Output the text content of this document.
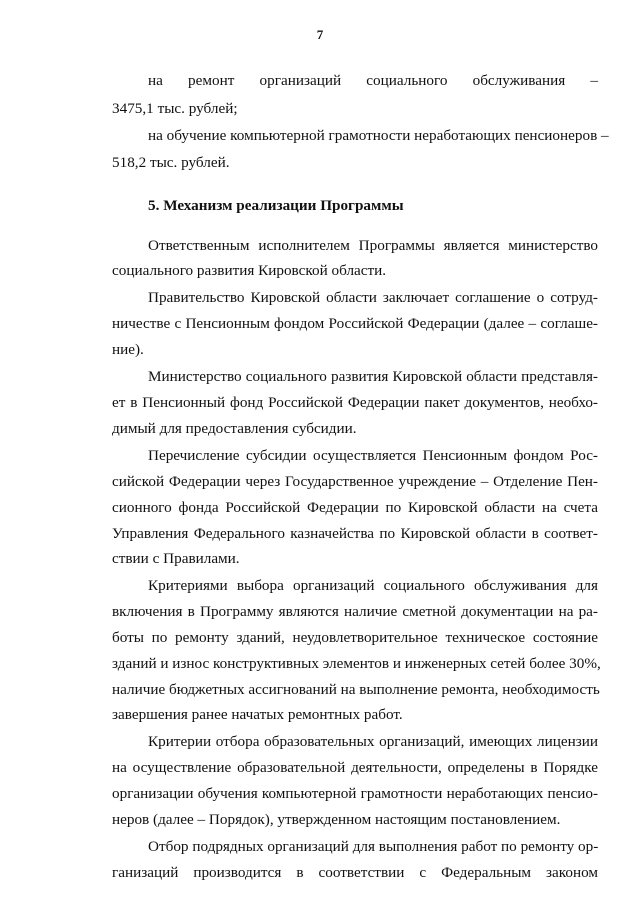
7
на ремонт организаций социального обслуживания –
3475,1 тыс. рублей;
на обучение компьютерной грамотности неработающих пенсионеров –
518,2 тыс. рублей.
5. Механизм реализации Программы
Ответственным исполнителем Программы является министерство
социального развития Кировской области.
Правительство Кировской области заключает соглашение о сотруд-
ничестве с Пенсионным фондом Российской Федерации (далее – соглаше-
ние).
Министерство социального развития Кировской области представля-
ет в Пенсионный фонд Российской Федерации пакет документов, необхо-
димый для предоставления субсидии.
Перечисление субсидии осуществляется Пенсионным фондом Рос-
сийской Федерации через Государственное учреждение – Отделение Пен-
сионного фонда Российской Федерации по Кировской области на счета
Управления Федерального казначейства по Кировской области в соответ-
ствии с Правилами.
Критериями выбора организаций социального обслуживания для
включения в Программу являются наличие сметной документации на ра-
боты по ремонту зданий, неудовлетворительное техническое состояние
зданий и износ конструктивных элементов и инженерных сетей более 30%,
наличие бюджетных ассигнований на выполнение ремонта, необходимость
завершения ранее начатых ремонтных работ.
Критерии отбора образовательных организаций, имеющих лицензии
на осуществление образовательной деятельности, определены в Порядке
организации обучения компьютерной грамотности неработающих пенсио-
неров (далее – Порядок), утвержденном настоящим постановлением.
Отбор подрядных организаций для выполнения работ по ремонту ор-
ганизаций производится в соответствии с Федеральным законом
